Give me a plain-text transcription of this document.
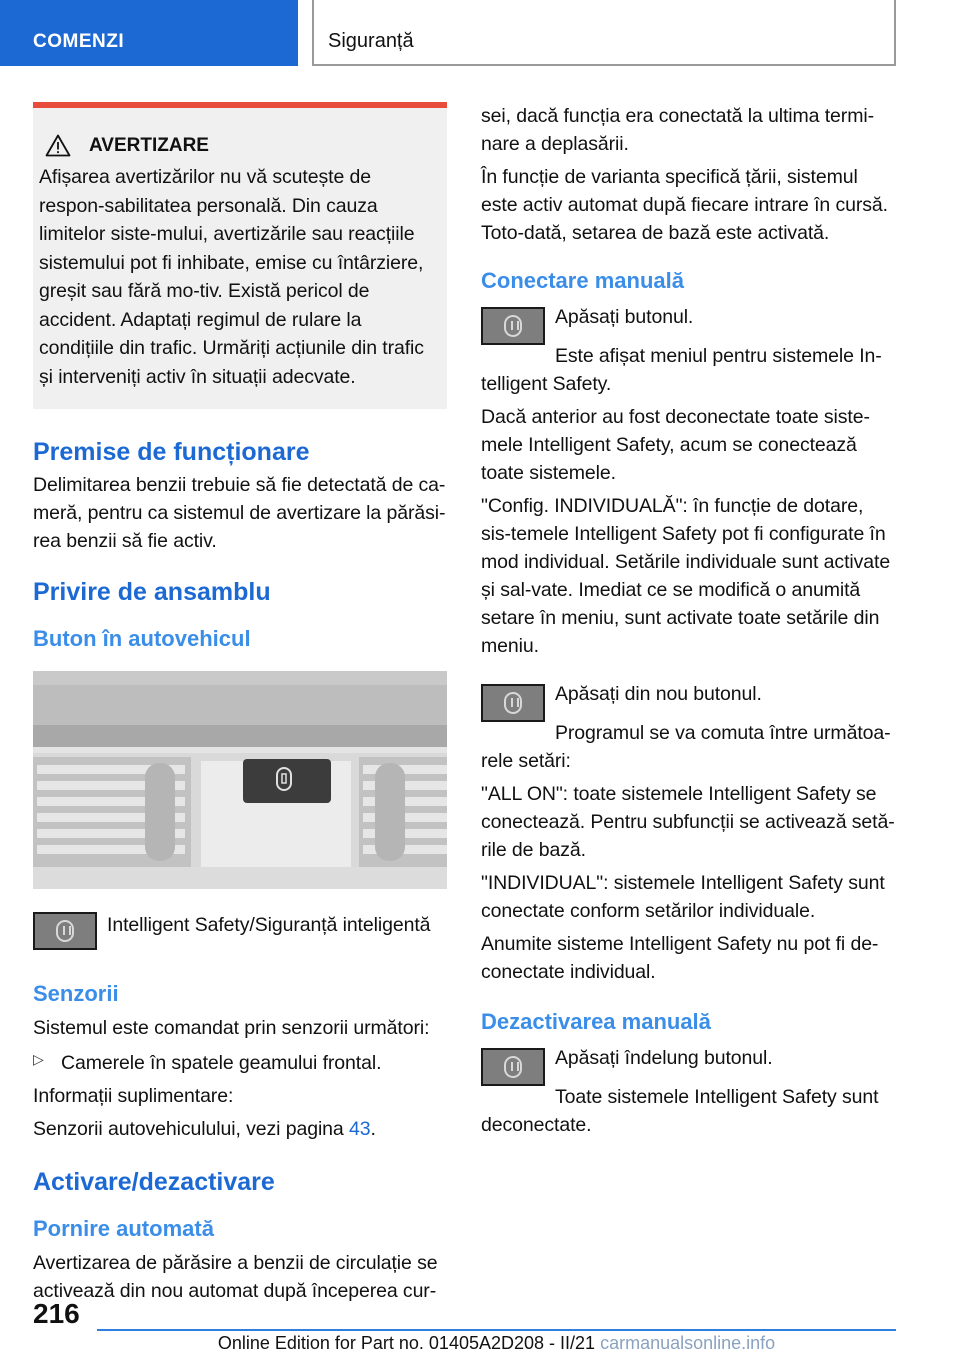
COMENZI	Siguranță
AVERTIZARE

Afișarea avertizărilor nu vă scutește de respon-sabilitatea personală. Din cauza limitelor siste-mului, avertizările sau reacțiile sistemului pot fi inhibate, emise cu întârziere, greșit sau fără mo-tiv. Există pericol de accident. Adaptați regimul de rulare la condițiile din trafic. Urmăriți acțiunile din trafic și interveniți activ în situații adecvate.

Premise de funcționare

Delimitarea benzii trebuie să fie detectată de ca-meră, pentru ca sistemul de avertizare la părăsi-rea benzii să fie activ.

Privire de ansamblu
Buton în autovehicul

Intelligent Safety/Siguranță inteligentă

Senzorii

Sistemul este comandat prin senzorii următori:

▷ Camerele în spatele geamului frontal.

Informații suplimentare:

Senzorii autovehiculului, vezi pagina 43.

Activare/dezactivare
Pornire automată

Avertizarea de părăsire a benzii de circulație se activează din nou automat după începerea cur-

sei, dacă funcția era conectată la ultima termi-nare a deplasării.

În funcție de varianta specifică țării, sistemul este activ automat după fiecare intrare în cursă. Toto-dată, setarea de bază este activată.

Conectare manuală

Apăsați butonul.

Este afișat meniul pentru sistemele In-telligent Safety.

Dacă anterior au fost deconectate toate siste-mele Intelligent Safety, acum se conectează toate sistemele.

"Config. INDIVIDUALĂ": în funcție de dotare, sis-temele Intelligent Safety pot fi configurate în mod individual. Setările individuale sunt activate și sal-vate. Imediat ce se modifică o anumită setare în meniu, sunt activate toate setările din meniu.

Apăsați din nou butonul.

Programul se va comuta între următoa-rele setări:

"ALL ON": toate sistemele Intelligent Safety se conectează. Pentru subfuncții se activează setă-rile de bază.

"INDIVIDUAL": sistemele Intelligent Safety sunt conectate conform setărilor individuale.

Anumite sisteme Intelligent Safety nu pot fi de-conectate individual.

Dezactivarea manuală

Apăsați îndelung butonul.

Toate sistemele Intelligent Safety sunt deconectate.

216
Online Edition for Part no. 01405A2D208 - II/21 carmanualsonline.info
